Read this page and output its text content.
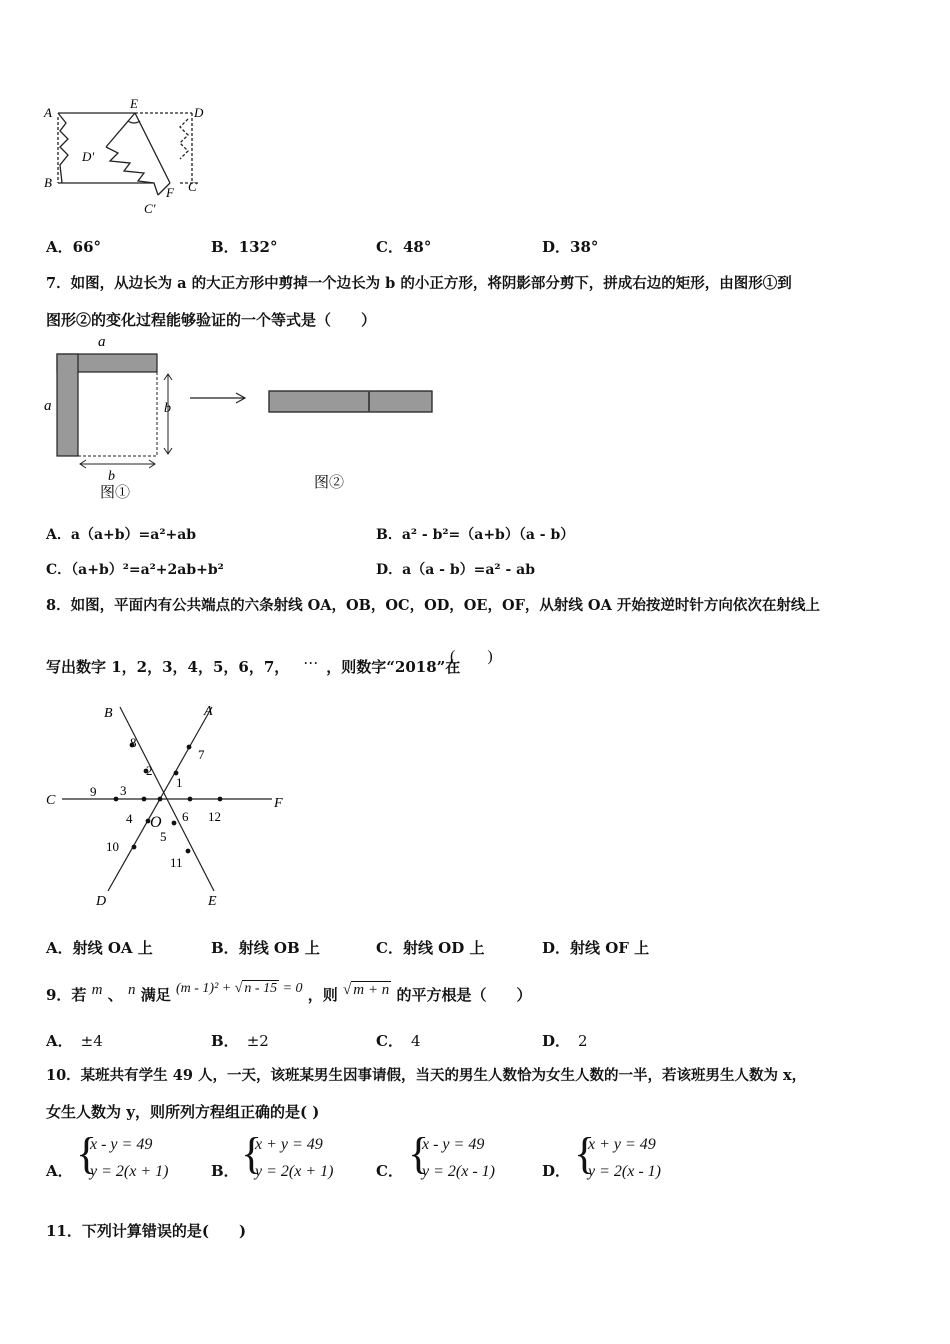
A
E
D
D'
B
F C
C'
A．66°	B．132°	C．48°	D．38°
7．如图，从边长为 a 的大正方形中剪掉一个边长为 b 的小正方形，将阴影部分剪下，拼成右边的矩形，由图形①到
图形②的变化过程能够验证的一个等式是（　　）
a
a	b
b
图①
图②
A．a（a+b）=a²+ab	B．a² - b²=（a+b）（a - b）
C．（a+b）²=a²+2ab+b²	D．a（a - b）=a² - ab
8．如图，平面内有公共端点的六条射线 OA，OB，OC，OD，OE，OF，从射线 OA 开始按逆时针方向依次在射线上
写出数字 1，2，3，4，5，6，7， … ，则数字“2018”在
(　　)
B	A
C	F
D	E
O
1
2
3
4
5
6
7
8
9
10
11
12
A．射线 OA 上	B．射线 OB 上	C．射线 OD 上	D．射线 OF 上
9．若 m 、 n 满足 (m - 1)² + √ n - 15 = 0 ，则 √ m + n 的平方根是（　　）
A． ±4	B． ±2	C． 4	D． 2
10．某班共有学生 49 人，一天，该班某男生因事请假，当天的男生人数恰为女生人数的一半，若该班男生人数为 x，
女生人数为 y，则所列方程组正确的是( )
A． {
x - y = 49
y = 2(x + 1)	B． {
x + y = 49
y = 2(x + 1)	C． {
x - y = 49
y = 2(x - 1)	D． {
x + y = 49
y = 2(x - 1)
11．下列计算错误的是(　　)
